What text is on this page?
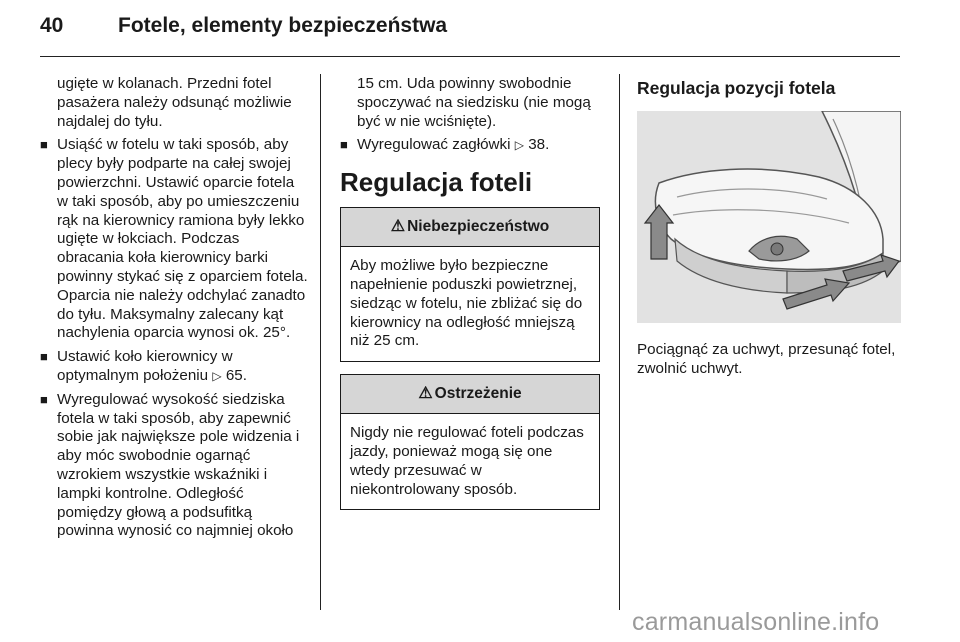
40	Fotele, elementy bezpieczeństwa
ugięte w kolanach. Przedni fotel pasażera należy odsunąć możliwie najdalej do tyłu.
■ Usiąść w fotelu w taki sposób, aby plecy były podparte na całej swojej powierzchni. Ustawić oparcie fotela w taki sposób, aby po umieszczeniu rąk na kierownicy ramiona były lekko ugięte w łokciach. Podczas obracania koła kierownicy barki powinny stykać się z oparciem fotela. Oparcia nie należy odchylać zanadto do tyłu. Maksymalny zalecany kąt nachylenia oparcia wynosi ok. 25°.
■ Ustawić koło kierownicy w optymalnym położeniu ▷ 65.
■ Wyregulować wysokość siedziska fotela w taki sposób, aby zapewnić sobie jak największe pole widzenia i aby móc swobodnie ogarnąć wzrokiem wszystkie wskaźniki i lampki kontrolne. Odległość pomiędzy głową a podsufitką powinna wynosić co najmniej około
15 cm. Uda powinny swobodnie spoczywać na siedzisku (nie mogą być w nie wciśnięte).
■ Wyregulować zagłówki ▷ 38.
Regulacja foteli
⚠ Niebezpieczeństwo
Aby możliwe było bezpieczne napełnienie poduszki powietrznej, siedząc w fotelu, nie zbliżać się do kierownicy na odległość mniejszą niż 25 cm.
⚠ Ostrzeżenie
Nigdy nie regulować foteli podczas jazdy, ponieważ mogą się one wtedy przesuwać w niekontrolowany sposób.
Regulacja pozycji fotela
Pociągnąć za uchwyt, przesunąć fotel, zwolnić uchwyt.
carmanualsonline.info
